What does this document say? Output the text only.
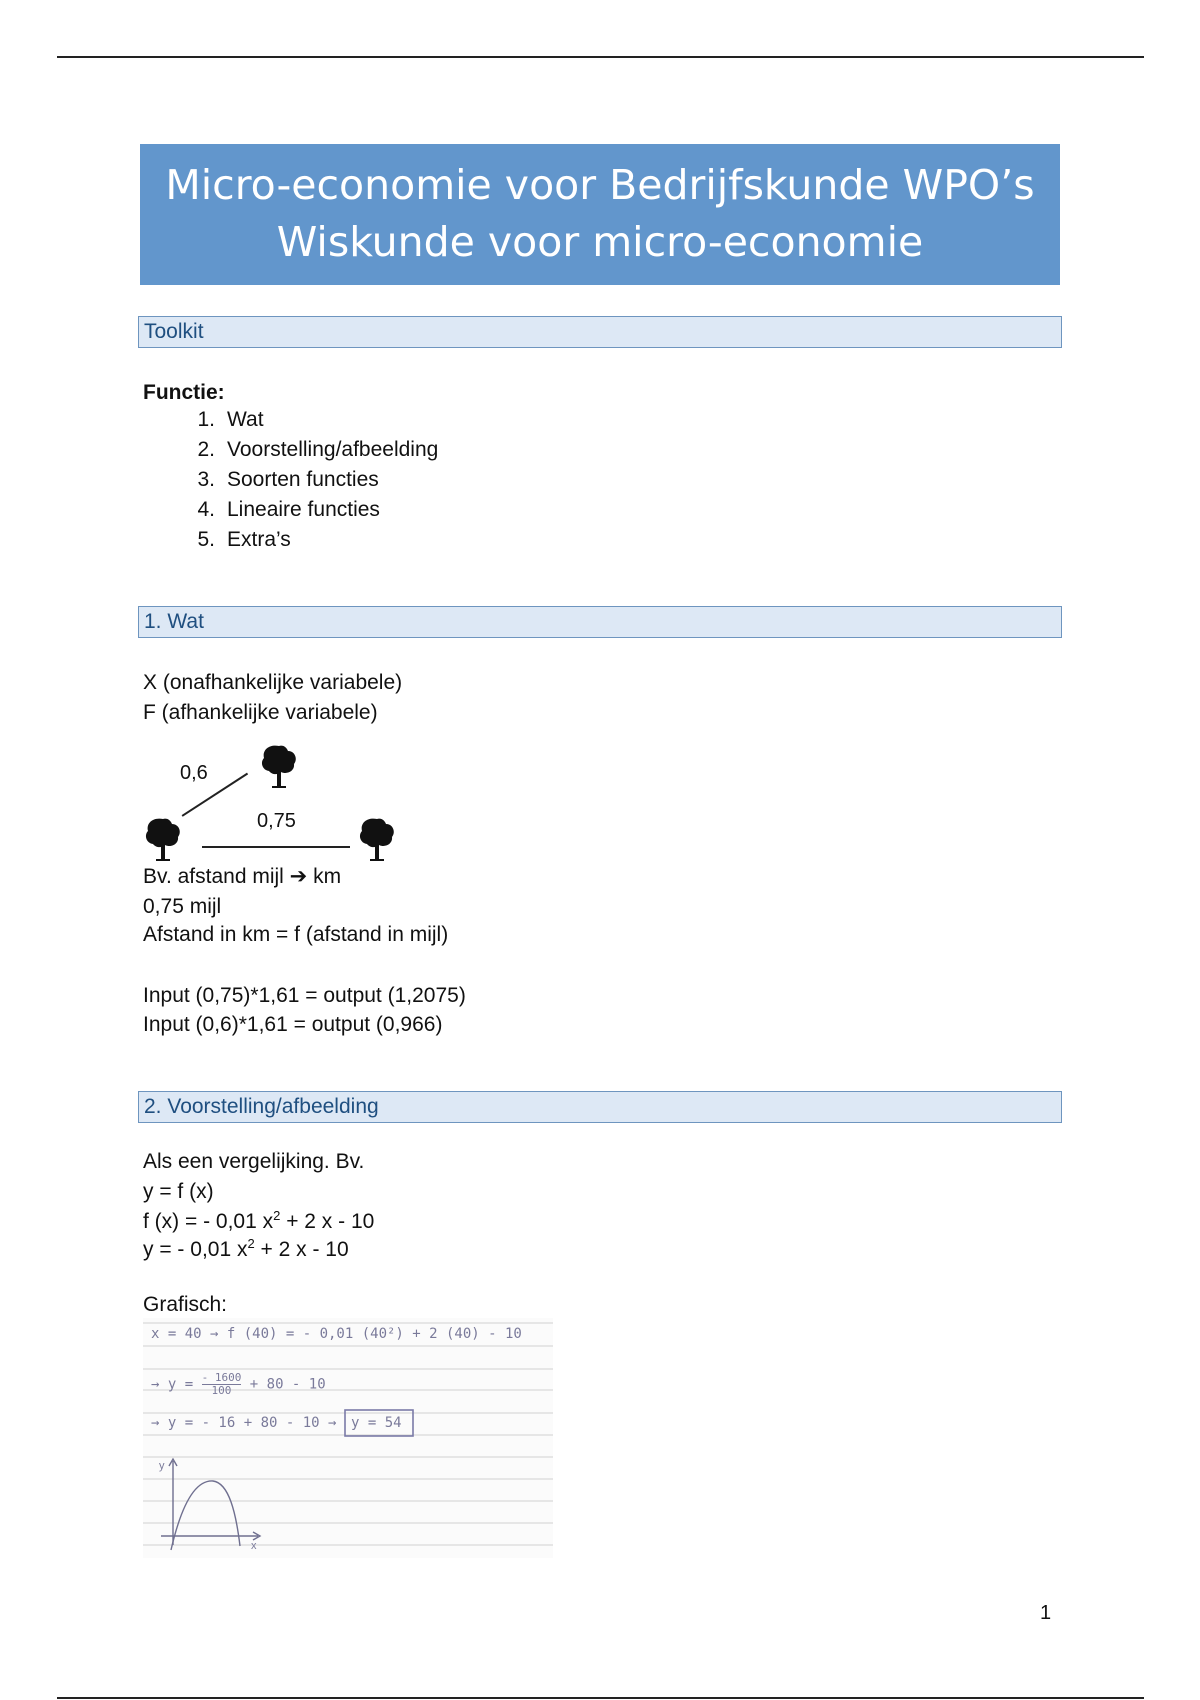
Micro-economie voor Bedrijfskunde WPO’s
Wiskunde voor micro-economie
Toolkit
Functie:
1. Wat
2. Voorstelling/afbeelding
3. Soorten functies
4. Lineaire functies
5. Extra’s
1. Wat
X (onafhankelijke variabele)
F (afhankelijke variabele)
0,6
0,75
Bv. afstand mijl ➔ km
0,75 mijl
Afstand in km = f (afstand in mijl)
Input (0,75)*1,61 = output (1,2075)
Input (0,6)*1,61 = output (0,966)
2. Voorstelling/afbeelding
Als een vergelijking. Bv.
y = f (x)
f (x) = - 0,01 $x^2 + 2$ x - 10
y = - 0,01 $x^2 + 2$ x - 10
Grafisch:
x = 40 → f (40) = - 0,01 (40²) + 2 (40) - 10
→ $y = \frac{- 1600}{100} + 80 - 10$
→ y = - 16 + 80 - 10 → y = 54
y
x
1
